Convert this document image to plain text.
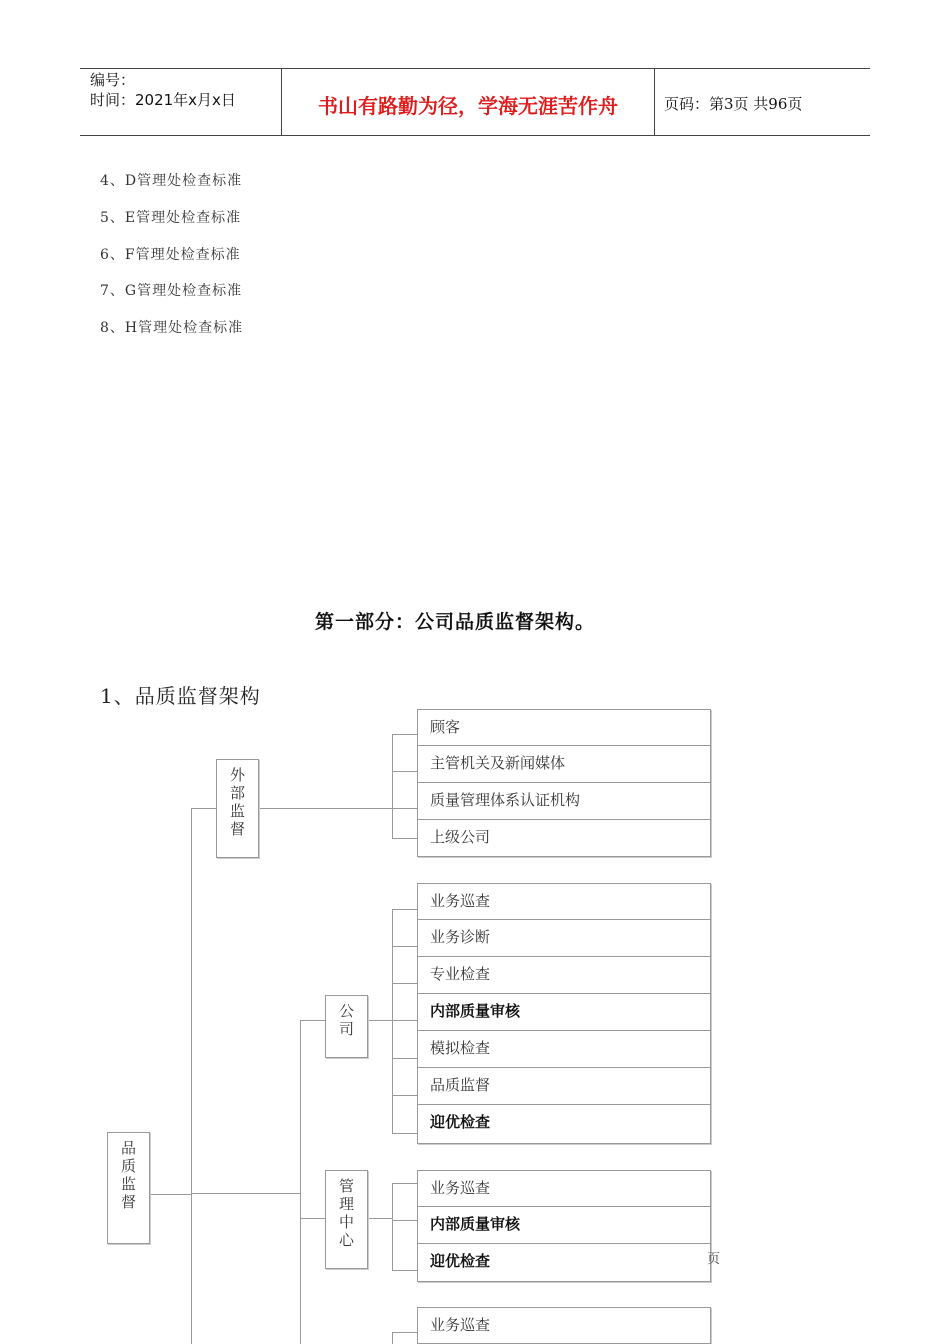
编号：
时间：2021年x月x日	书山有路勤为径，学海无涯苦作舟	页码：第3页 共96页
4、D管理处检查标准
5、E管理处检查标准
6、F管理处检查标准
7、G管理处检查标准
8、H管理处检查标准
第一部分：公司品质监督架构。
1、品质监督架构
品
质
监
督
外
部
监
督
公
司
管
理
中
心
顾客
主管机关及新闻媒体
质量管理体系认证机构
上级公司
业务巡查
业务诊断
专业检查
内部质量审核
模拟检查
品质监督
迎优检查
业务巡查
内部质量审核
迎优检查
业务巡查
页
